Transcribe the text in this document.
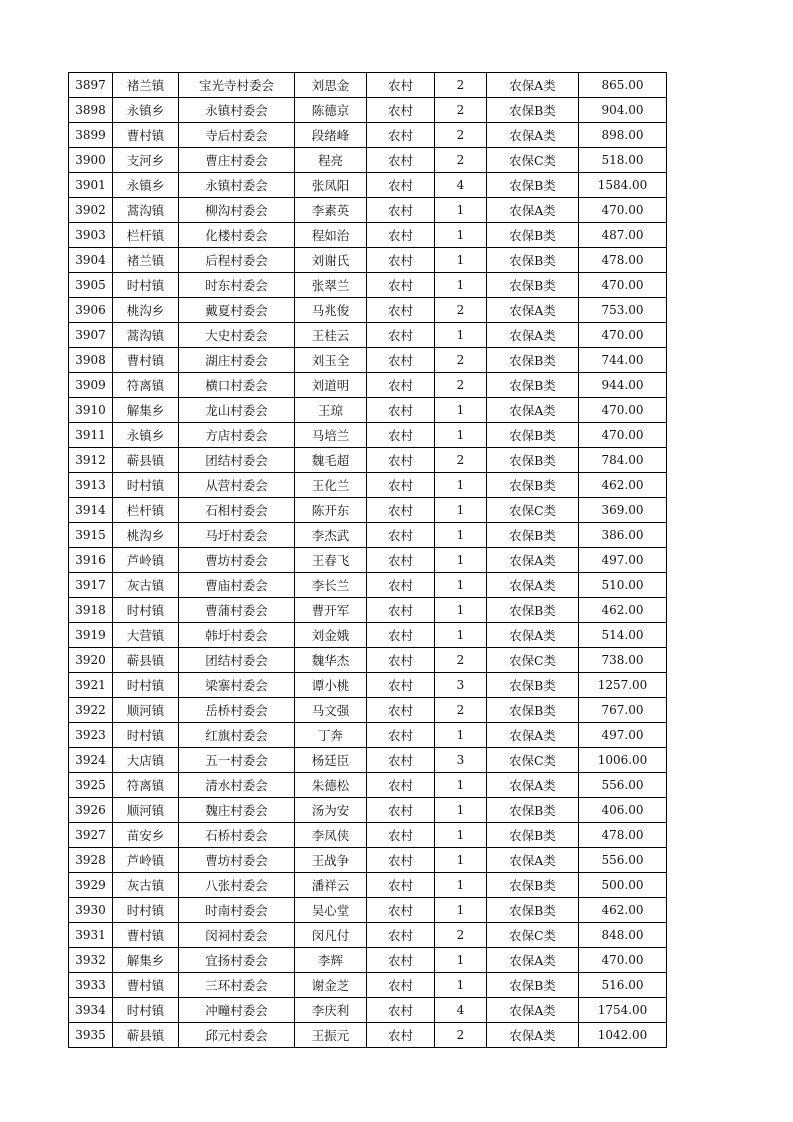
3897	褚兰镇	宝光寺村委会	刘思金	农村	2	农保A类	865.00
3898	永镇乡	永镇村委会	陈德京	农村	2	农保B类	904.00
3899	曹村镇	寺后村委会	段绪峰	农村	2	农保A类	898.00
3900	支河乡	曹庄村委会	程亮	农村	2	农保C类	518.00
3901	永镇乡	永镇村委会	张凤阳	农村	4	农保B类	1584.00
3902	蒿沟镇	柳沟村委会	李素英	农村	1	农保A类	470.00
3903	栏杆镇	化楼村委会	程如治	农村	1	农保B类	487.00
3904	褚兰镇	后程村委会	刘谢氏	农村	1	农保B类	478.00
3905	时村镇	时东村委会	张翠兰	农村	1	农保B类	470.00
3906	桃沟乡	戴夏村委会	马兆俊	农村	2	农保A类	753.00
3907	蒿沟镇	大史村委会	王桂云	农村	1	农保A类	470.00
3908	曹村镇	湖庄村委会	刘玉全	农村	2	农保B类	744.00
3909	符离镇	横口村委会	刘道明	农村	2	农保B类	944.00
3910	解集乡	龙山村委会	王琼	农村	1	农保A类	470.00
3911	永镇乡	方店村委会	马培兰	农村	1	农保B类	470.00
3912	蕲县镇	团结村委会	魏毛超	农村	2	农保B类	784.00
3913	时村镇	从营村委会	王化兰	农村	1	农保B类	462.00
3914	栏杆镇	石相村委会	陈开东	农村	1	农保C类	369.00
3915	桃沟乡	马圩村委会	李杰武	农村	1	农保B类	386.00
3916	芦岭镇	曹坊村委会	王春飞	农村	1	农保A类	497.00
3917	灰古镇	曹庙村委会	李长兰	农村	1	农保A类	510.00
3918	时村镇	曹蒲村委会	曹开军	农村	1	农保B类	462.00
3919	大营镇	韩圩村委会	刘金娥	农村	1	农保A类	514.00
3920	蕲县镇	团结村委会	魏华杰	农村	2	农保C类	738.00
3921	时村镇	梁寨村委会	谭小桃	农村	3	农保B类	1257.00
3922	顺河镇	岳桥村委会	马文强	农村	2	农保B类	767.00
3923	时村镇	红旗村委会	丁奔	农村	1	农保A类	497.00
3924	大店镇	五一村委会	杨廷臣	农村	3	农保C类	1006.00
3925	符离镇	清水村委会	朱德松	农村	1	农保A类	556.00
3926	顺河镇	魏庄村委会	汤为安	农村	1	农保B类	406.00
3927	苗安乡	石桥村委会	李凤侠	农村	1	农保B类	478.00
3928	芦岭镇	曹坊村委会	王战争	农村	1	农保A类	556.00
3929	灰古镇	八张村委会	潘祥云	农村	1	农保B类	500.00
3930	时村镇	时南村委会	吴心堂	农村	1	农保B类	462.00
3931	曹村镇	闵祠村委会	闵凡付	农村	2	农保C类	848.00
3932	解集乡	宜扬村委会	李辉	农村	1	农保A类	470.00
3933	曹村镇	三环村委会	谢金芝	农村	1	农保B类	516.00
3934	时村镇	冲疃村委会	李庆利	农村	4	农保A类	1754.00
3935	蕲县镇	邱元村委会	王振元	农村	2	农保A类	1042.00
